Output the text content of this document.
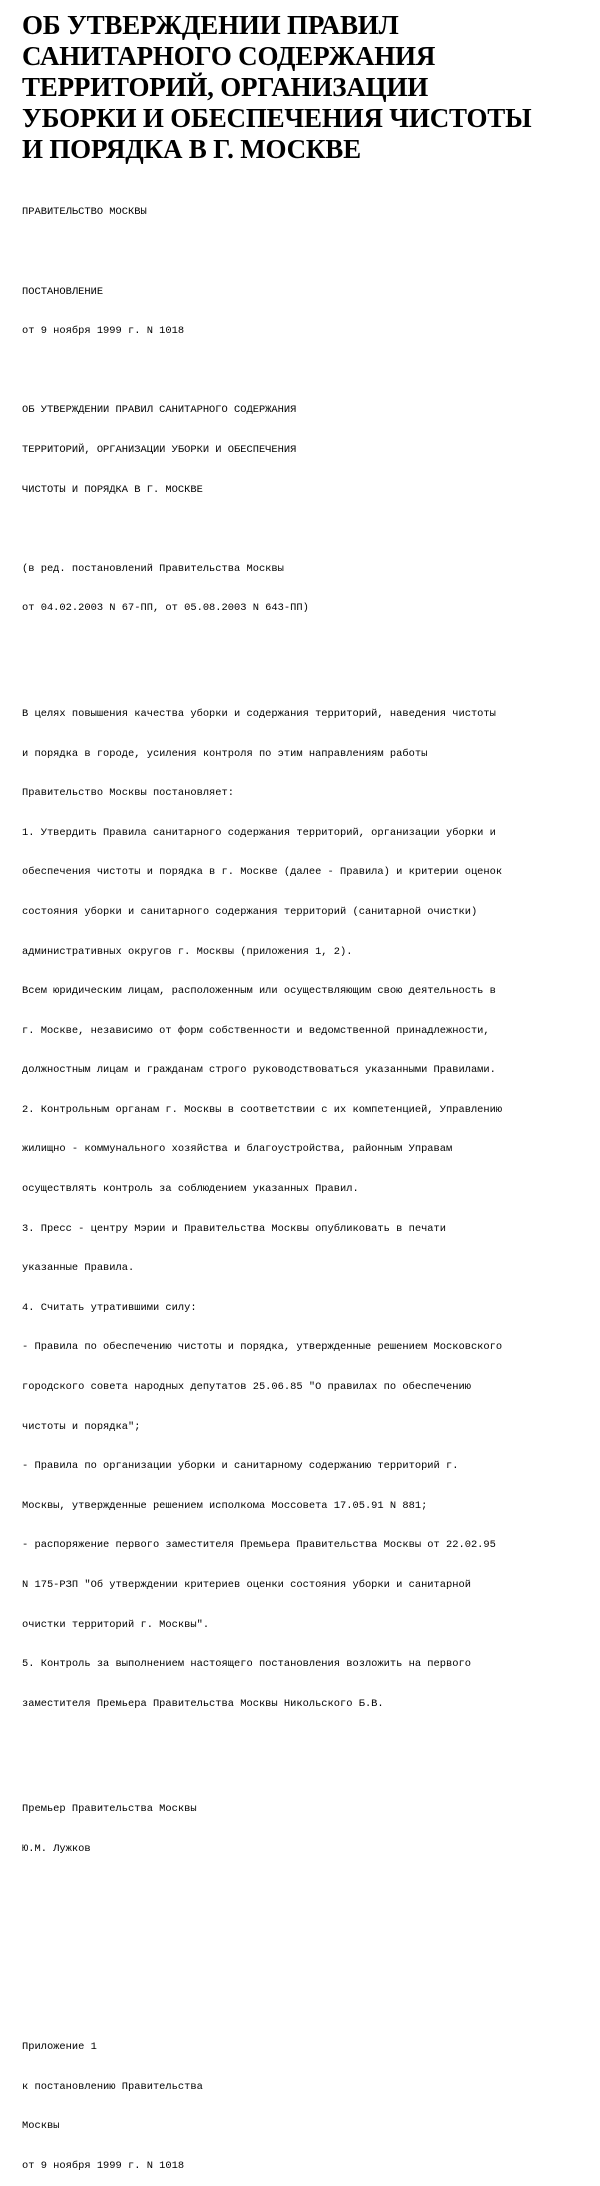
ОБ УТВЕРЖДЕНИИ ПРАВИЛ
САНИТАРНОГО СОДЕРЖАНИЯ
ТЕРРИТОРИЙ, ОРГАНИЗАЦИИ
УБОРКИ И ОБЕСПЕЧЕНИЯ ЧИСТОТЫ
И ПОРЯДКА В Г. МОСКВЕ

ПРАВИТЕЛЬСТВО МОСКВЫ

ПОСТАНОВЛЕНИЕ

от 9 ноября 1999 г. N 1018

ОБ УТВЕРЖДЕНИИ ПРАВИЛ САНИТАРНОГО СОДЕРЖАНИЯ

ТЕРРИТОРИЙ, ОРГАНИЗАЦИИ УБОРКИ И ОБЕСПЕЧЕНИЯ

ЧИСТОТЫ И ПОРЯДКА В Г. МОСКВЕ

(в ред. постановлений Правительства Москвы

от 04.02.2003 N 67-ПП, от 05.08.2003 N 643-ПП)

В целях повышения качества уборки и содержания территорий, наведения чистоты

и порядка в городе, усиления контроля по этим направлениям работы

Правительство Москвы постановляет:

1. Утвердить Правила санитарного содержания территорий, организации уборки и

обеспечения чистоты и порядка в г. Москве (далее - Правила) и критерии оценок

состояния уборки и санитарного содержания территорий (санитарной очистки)

административных округов г. Москвы (приложения 1, 2).

Всем юридическим лицам, расположенным или осуществляющим свою деятельность в

г. Москве, независимо от форм собственности и ведомственной принадлежности,

должностным лицам и гражданам строго руководствоваться указанными Правилами.

2. Контрольным органам г. Москвы в соответствии с их компетенцией, Управлению

жилищно - коммунального хозяйства и благоустройства, районным Управам

осуществлять контроль за соблюдением указанных Правил.

3. Пресс - центру Мэрии и Правительства Москвы опубликовать в печати

указанные Правила.

4. Считать утратившими силу:

- Правила по обеспечению чистоты и порядка, утвержденные решением Московского

городского совета народных депутатов 25.06.85 "О правилах по обеспечению

чистоты и порядка";

- Правила по организации уборки и санитарному содержанию территорий г.

Москвы, утвержденные решением исполкома Моссовета 17.05.91 N 881;

- распоряжение первого заместителя Премьера Правительства Москвы от 22.02.95

N 175-РЗП "Об утверждении критериев оценки состояния уборки и санитарной

очистки территорий г. Москвы".

5. Контроль за выполнением настоящего постановления возложить на первого

заместителя Премьера Правительства Москвы Никольского Б.В.

Премьер Правительства Москвы

Ю.М. Лужков

Приложение 1

к постановлению Правительства

Москвы

от 9 ноября 1999 г. N 1018
